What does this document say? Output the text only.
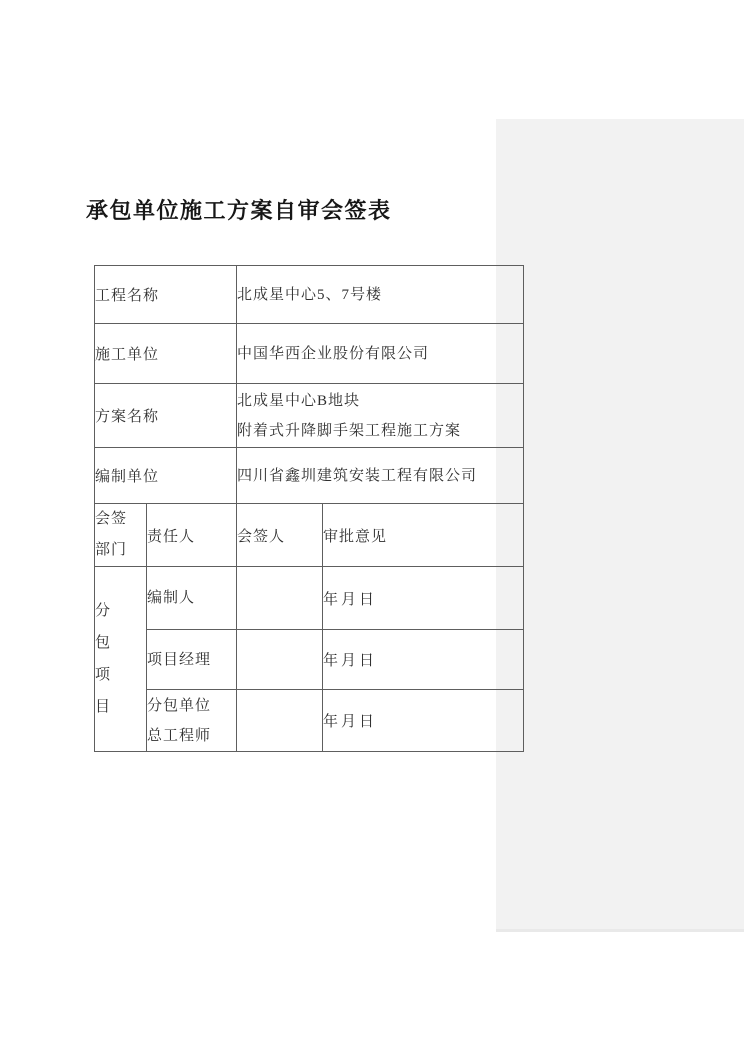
承包单位施工方案自审会签表
工程名称		北成星中心5、7号楼	

施工单位		中国华西企业股份有限公司	

方案名称		北成星中心B地块
附着式升降脚手架工程施工方案	

编制单位		四川省鑫圳建筑安装工程有限公司	

会签
部门	责任人	会签人	审批意见

分
包
项
目	编制人		年月日

	项目经理		年月日

	分包单位
总工程师		年月日
